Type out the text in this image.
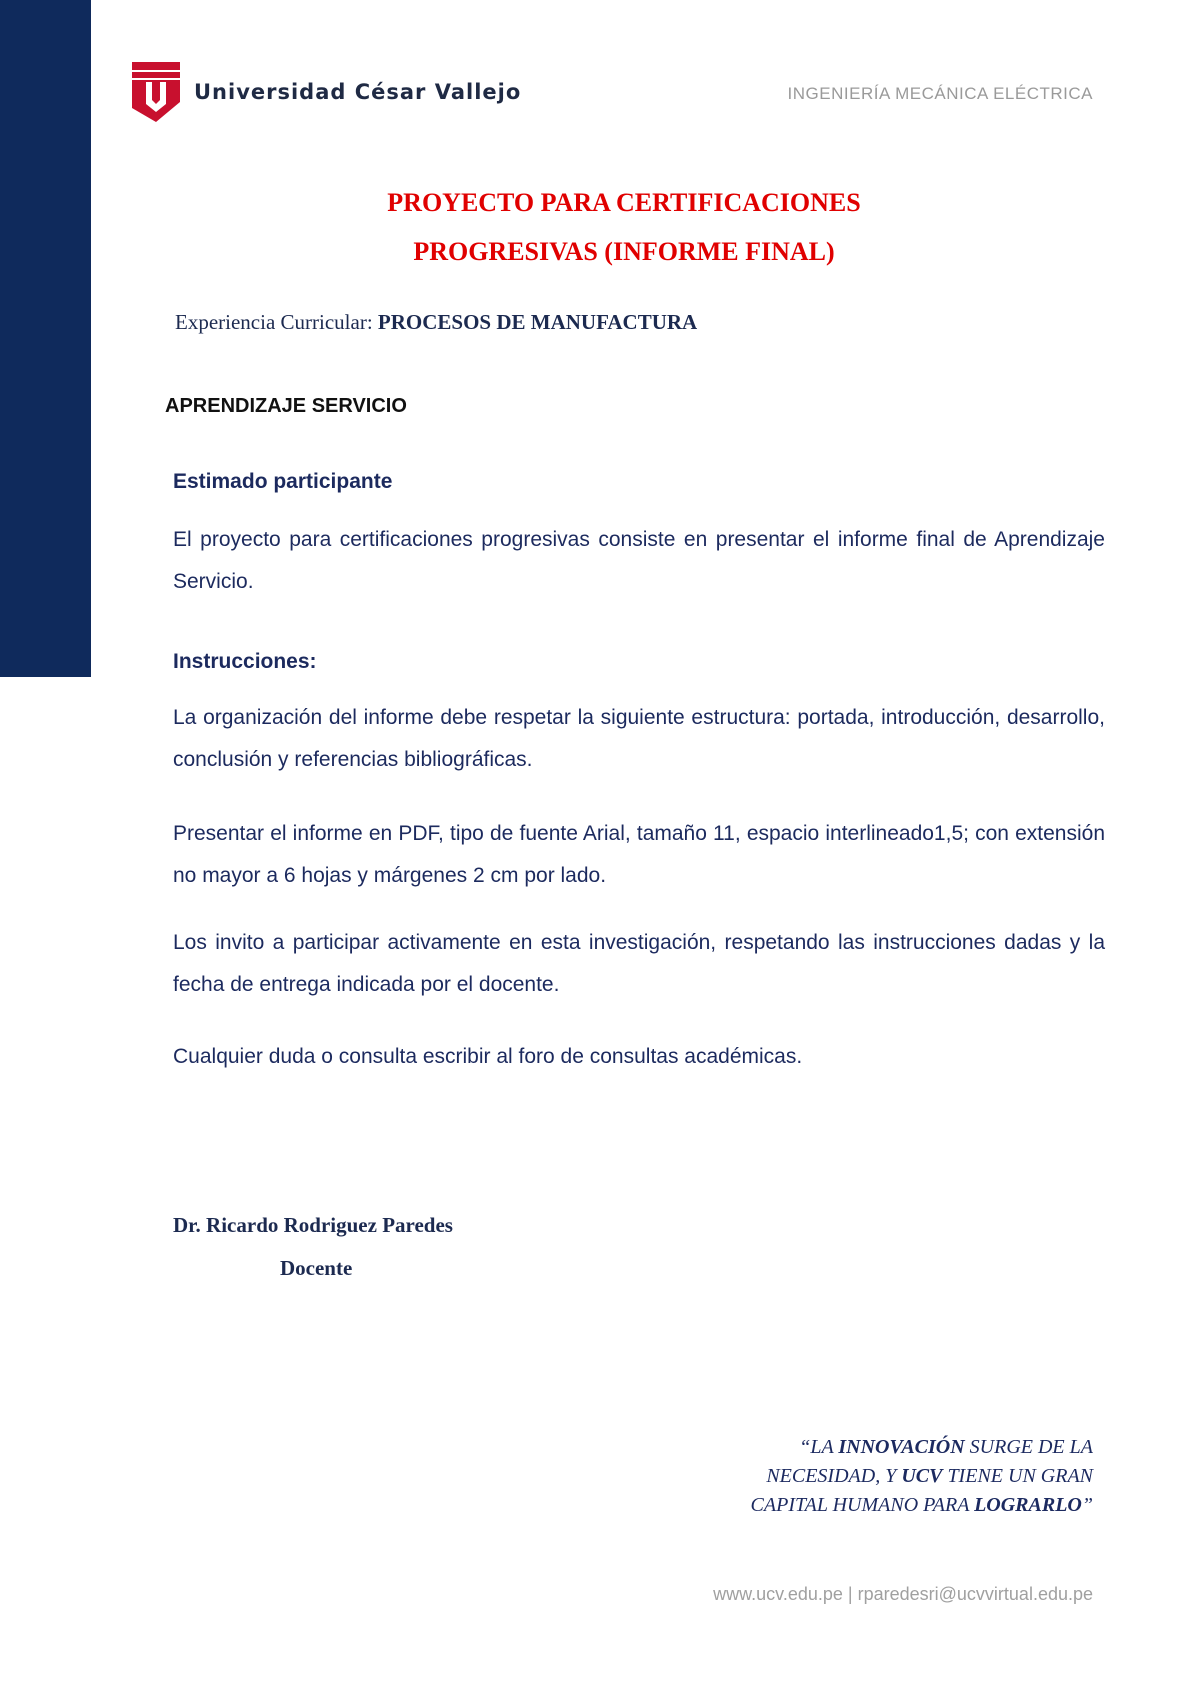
Universidad César Vallejo	INGENIERÍA MECÁNICA ELÉCTRICA
PROYECTO PARA CERTIFICACIONES
PROGRESIVAS (INFORME FINAL)
Experiencia Curricular: PROCESOS DE MANUFACTURA
APRENDIZAJE SERVICIO
Estimado participante
El proyecto para certificaciones progresivas consiste en presentar el informe final de Aprendizaje Servicio.
Instrucciones:
La organización del informe debe respetar la siguiente estructura: portada, introducción, desarrollo, conclusión y referencias bibliográficas.
Presentar el informe en PDF, tipo de fuente Arial, tamaño 11, espacio interlineado1,5; con extensión no mayor a 6 hojas y márgenes 2 cm por lado.
Los invito a participar activamente en esta investigación, respetando las instrucciones dadas y la fecha de entrega indicada por el docente.
Cualquier duda o consulta escribir al foro de consultas académicas.
Dr. Ricardo Rodriguez Paredes
Docente
“LA INNOVACIÓN SURGE DE LA NECESIDAD, Y UCV TIENE UN GRAN CAPITAL HUMANO PARA LOGRARLO”
www.ucv.edu.pe | rparedesri@ucvvirtual.edu.pe
